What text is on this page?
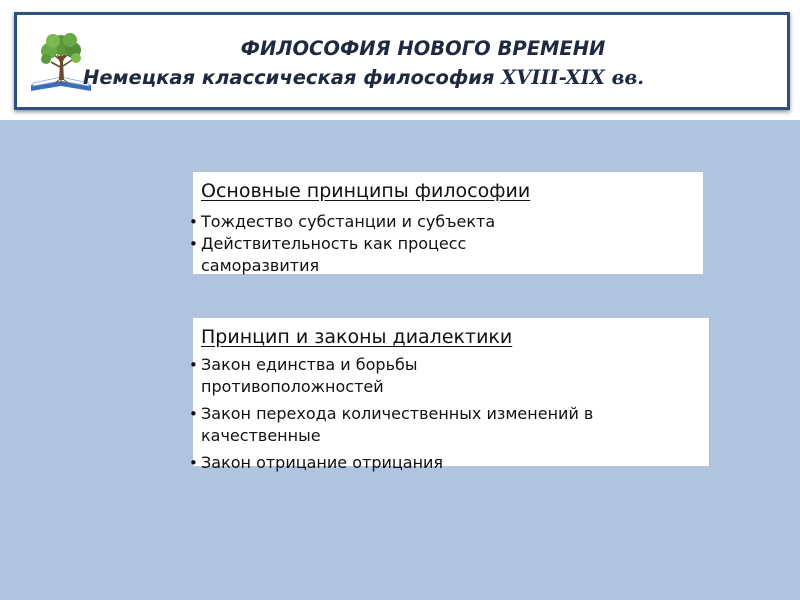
ФИЛОСОФИЯ НОВОГО ВРЕМЕНИ
Немецкая классическая философия XVIII-XIX вв.
Основные принципы философии
• Тождество субстанции и субъекта
• Действительность как процесс саморазвития
Принцип и законы диалектики
• Закон единства и борьбы противоположностей
• Закон перехода количественных изменений в качественные
• Закон отрицание отрицания
